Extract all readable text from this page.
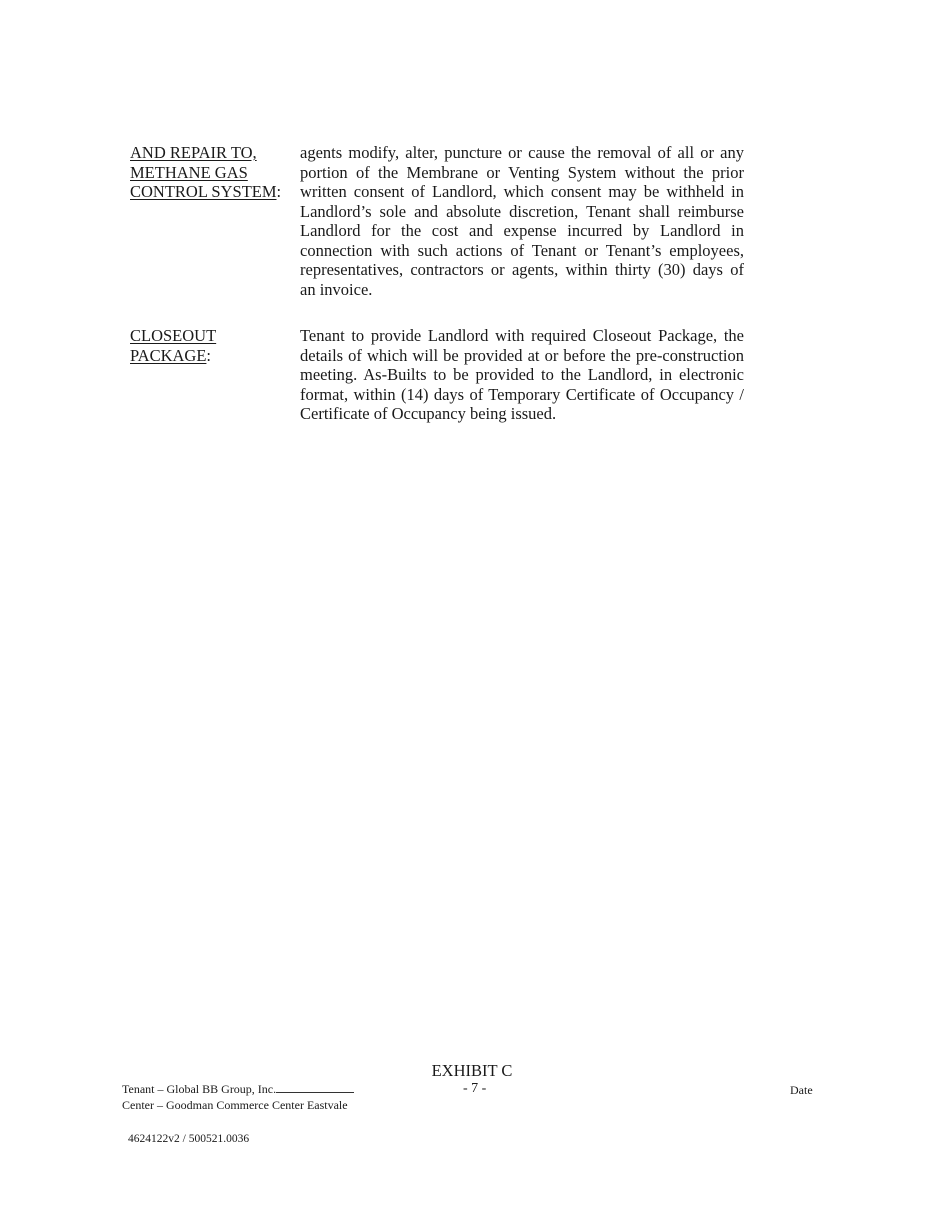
AND REPAIR TO,
METHANE GAS
CONTROL SYSTEM:
agents modify, alter, puncture or cause the removal of all or any
portion of the Membrane or Venting System without the prior
written consent of Landlord, which consent may be withheld in
Landlord’s sole and absolute discretion, Tenant shall reimburse
Landlord for the cost and expense incurred by Landlord in
connection with such actions of Tenant or Tenant’s employees,
representatives, contractors or agents, within thirty (30) days of
an invoice.
CLOSEOUT
PACKAGE:
Tenant to provide Landlord with required Closeout Package, the
details of which will be provided at or before the pre-construction
meeting. As-Builts to be provided to the Landlord, in electronic
format, within (14) days of Temporary Certificate of Occupancy /
Certificate of Occupancy being issued.
EXHIBIT C
- 7 -
Tenant – Global BB Group, Inc.
Center – Goodman Commerce Center Eastvale
Date
4624122v2 / 500521.0036
